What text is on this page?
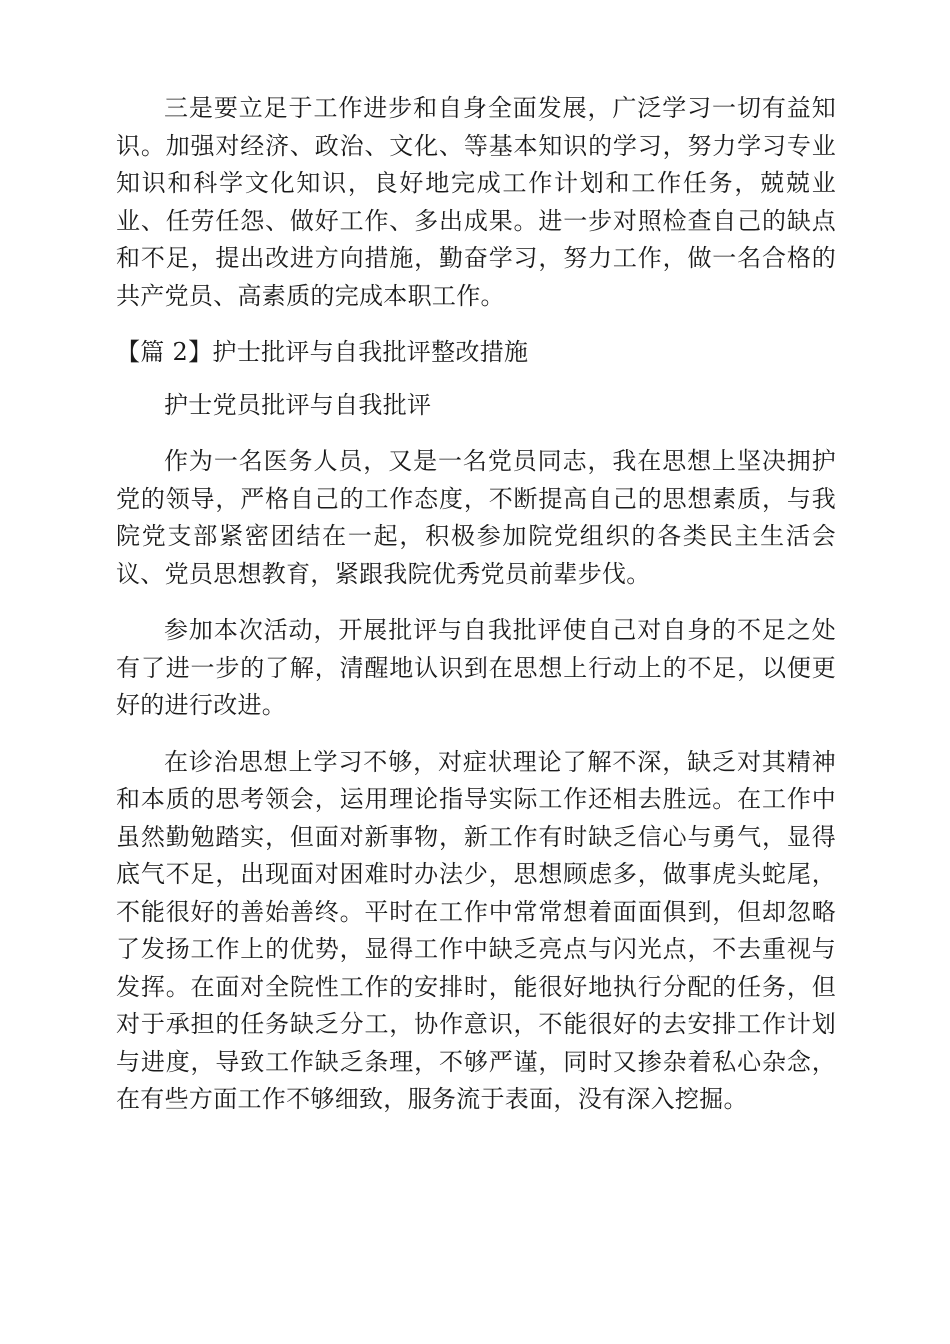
三是要立足于工作进步和自身全面发展，广泛学习一切有益知识。加强对经济、政治、文化、等基本知识的学习，努力学习专业知识和科学文化知识，良好地完成工作计划和工作任务，兢兢业业、任劳任怨、做好工作、多出成果。进一步对照检查自己的缺点和不足，提出改进方向措施，勤奋学习，努力工作，做一名合格的共产党员、高素质的完成本职工作。

【篇 2】护士批评与自我批评整改措施

护士党员批评与自我批评

作为一名医务人员，又是一名党员同志，我在思想上坚决拥护党的领导，严格自己的工作态度，不断提高自己的思想素质，与我院党支部紧密团结在一起，积极参加院党组织的各类民主生活会议、党员思想教育，紧跟我院优秀党员前辈步伐。

参加本次活动，开展批评与自我批评使自己对自身的不足之处有了进一步的了解，清醒地认识到在思想上行动上的不足，以便更好的进行改进。

在诊治思想上学习不够，对症状理论了解不深，缺乏对其精神和本质的思考领会，运用理论指导实际工作还相去胜远。在工作中虽然勤勉踏实，但面对新事物，新工作有时缺乏信心与勇气，显得底气不足，出现面对困难时办法少，思想顾虑多，做事虎头蛇尾，不能很好的善始善终。平时在工作中常常想着面面俱到，但却忽略了发扬工作上的优势，显得工作中缺乏亮点与闪光点，不去重视与发挥。在面对全院性工作的安排时，能很好地执行分配的任务，但对于承担的任务缺乏分工，协作意识，不能很好的去安排工作计划与进度，导致工作缺乏条理，不够严谨，同时又掺杂着私心杂念，在有些方面工作不够细致，服务流于表面，没有深入挖掘。
